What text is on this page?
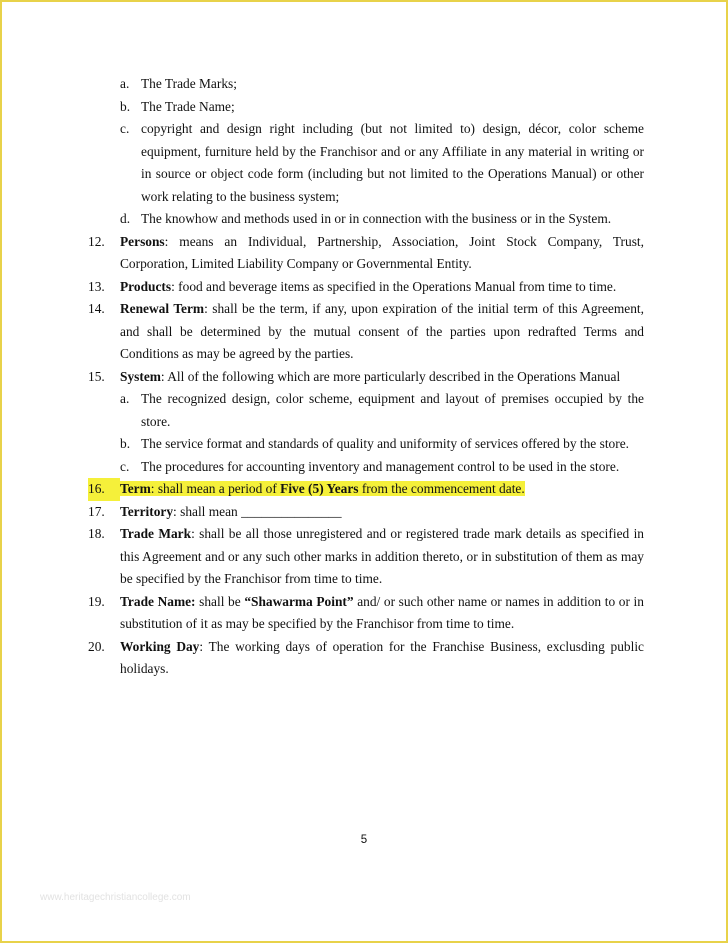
a. The Trade Marks;
b. The Trade Name;
c. copyright and design right including (but not limited to) design, décor, color scheme equipment, furniture held by the Franchisor and or any Affiliate in any material in writing or in source or object code form (including but not limited to the Operations Manual) or other work relating to the business system;
d. The knowhow and methods used in or in connection with the business or in the System.
12.	Persons: means an Individual, Partnership, Association, Joint Stock Company, Trust, Corporation, Limited Liability Company or Governmental Entity.
13.	Products: food and beverage items as specified in the Operations Manual from time to time.
14.	Renewal Term: shall be the term, if any, upon expiration of the initial term of this Agreement, and shall be determined by the mutual consent of the parties upon redrafted Terms and Conditions as may be agreed by the parties.
15.	System: All of the following which are more particularly described in the Operations Manual
a. The recognized design, color scheme, equipment and layout of premises occupied by the store.
b. The service format and standards of quality and uniformity of services offered by the store.
c. The procedures for accounting inventory and management control to be used in the store.
16.	Term: shall mean a period of Five (5) Years from the commencement date.
17.	Territory: shall mean _______________
18.	Trade Mark: shall be all those unregistered and or registered trade mark details as specified in this Agreement and or any such other marks in addition thereto, or in substitution of them as may be specified by the Franchisor from time to time.
19.	Trade Name: shall be “Shawarma Point” and/ or such other name or names in addition to or in substitution of it as may be specified by the Franchisor from time to time.
20.	Working Day: The working days of operation for the Franchise Business, exclusding public holidays.
5
www.heritagechristiancollege.com
